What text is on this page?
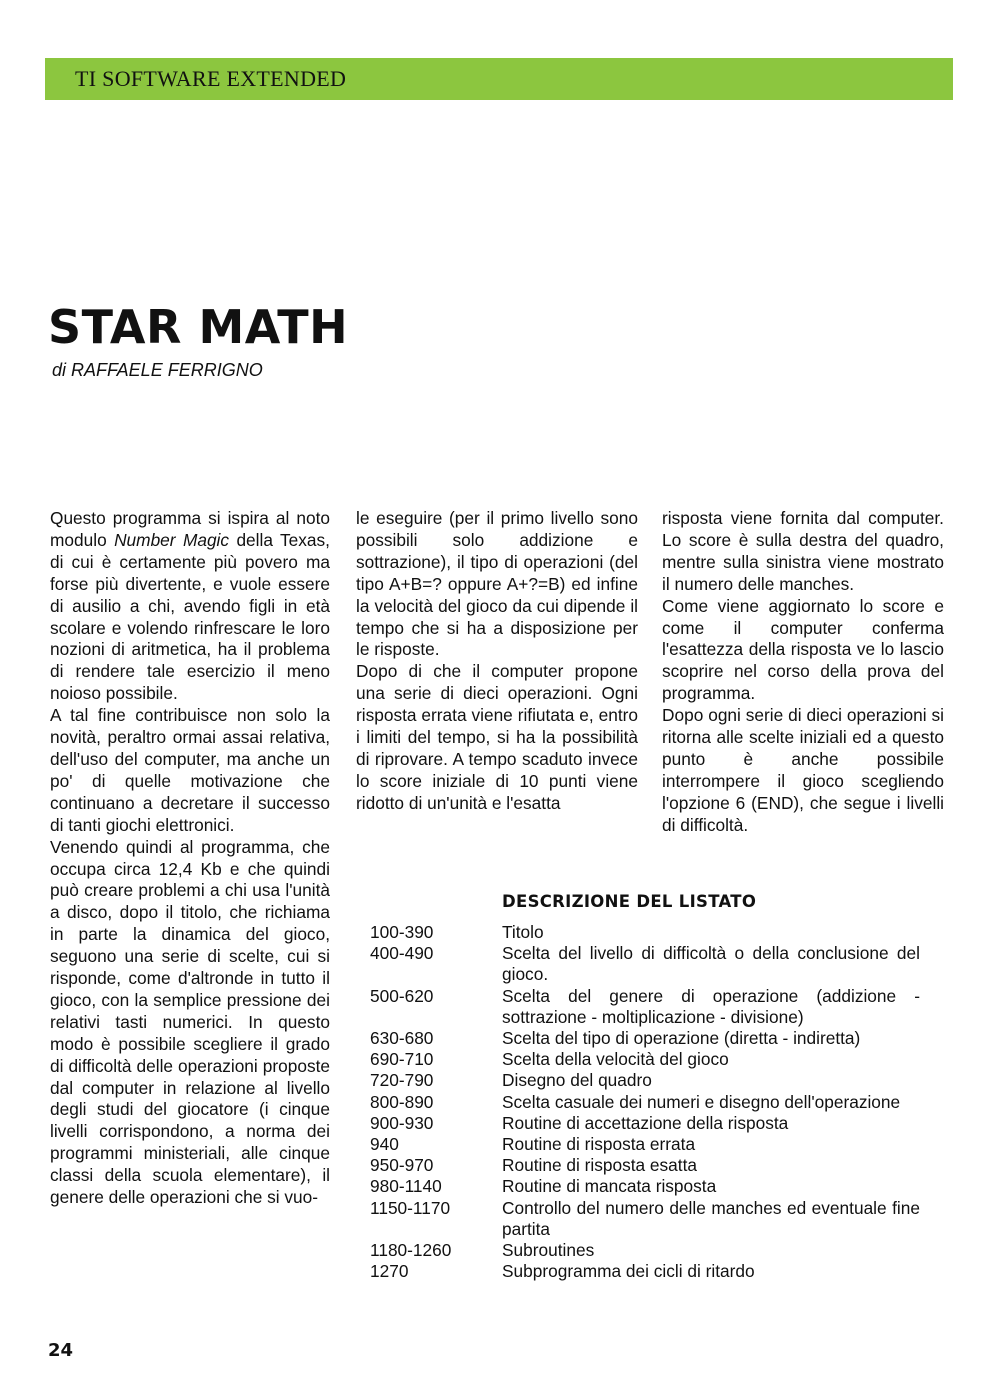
TI SOFTWARE EXTENDED
STAR MATH
di RAFFAELE FERRIGNO

Questo programma si ispira al noto modulo Number Magic della Texas, di cui è certamente più povero ma forse più divertente, e vuole essere di ausilio a chi, avendo figli in età scolare e volendo rinfrescare le loro nozioni di aritmetica, ha il problema di rendere tale esercizio il meno noioso possibile.

A tal fine contribuisce non solo la novità, peraltro ormai assai relativa, dell'uso del computer, ma anche un po' di quelle motivazione che continuano a decretare il successo di tanti giochi elettronici.

Venendo quindi al programma, che occupa circa 12,4 Kb e che quindi può creare problemi a chi usa l'unità a disco, dopo il titolo, che richiama in parte la dinamica del gioco, seguono una serie di scelte, cui si risponde, come d'altronde in tutto il gioco, con la semplice pressione dei relativi tasti numerici. In questo modo è possibile scegliere il grado di difficoltà delle operazioni proposte dal computer in relazione al livello degli studi del giocatore (i cinque livelli corrispondono, a norma dei programmi ministeriali, alle cinque classi della scuola elementare), il genere delle operazioni che si vuo-

le eseguire (per il primo livello sono possibili solo addizione e sottrazione), il tipo di operazioni (del tipo A+B=? oppure A+?=B) ed infine la velocità del gioco da cui dipende il tempo che si ha a disposizione per le risposte.

Dopo di che il computer propone una serie di dieci operazioni. Ogni risposta errata viene rifiutata e, entro i limiti del tempo, si ha la possibilità di riprovare. A tempo scaduto invece lo score iniziale di 10 punti viene ridotto di un'unità e l'esatta

risposta viene fornita dal computer. Lo score è sulla destra del quadro, mentre sulla sinistra viene mostrato il numero delle manches.

Come viene aggiornato lo score e come il computer conferma l'esattezza della risposta ve lo lascio scoprire nel corso della prova del programma.

Dopo ogni serie di dieci operazioni si ritorna alle scelte iniziali ed a questo punto è anche possibile interrompere il gioco scegliendo l'opzione 6 (END), che segue i livelli di difficoltà.

DESCRIZIONE DEL LISTATO
100-390	Titolo
400-490	Scelta del livello di difficoltà o della conclusione del gioco.
500-620	Scelta del genere di operazione (addizione - sottrazione - moltiplicazione - divisione)
630-680	Scelta del tipo di operazione (diretta - indiretta)
690-710	Scelta della velocità del gioco
720-790	Disegno del quadro
800-890	Scelta casuale dei numeri e disegno dell'operazione
900-930	Routine di accettazione della risposta
940	Routine di risposta errata
950-970	Routine di risposta esatta
980-1140	Routine di mancata risposta
1150-1170	Controllo del numero delle manches ed eventuale fine partita
1180-1260	Subroutines
1270	Subprogramma dei cicli di ritardo
24
